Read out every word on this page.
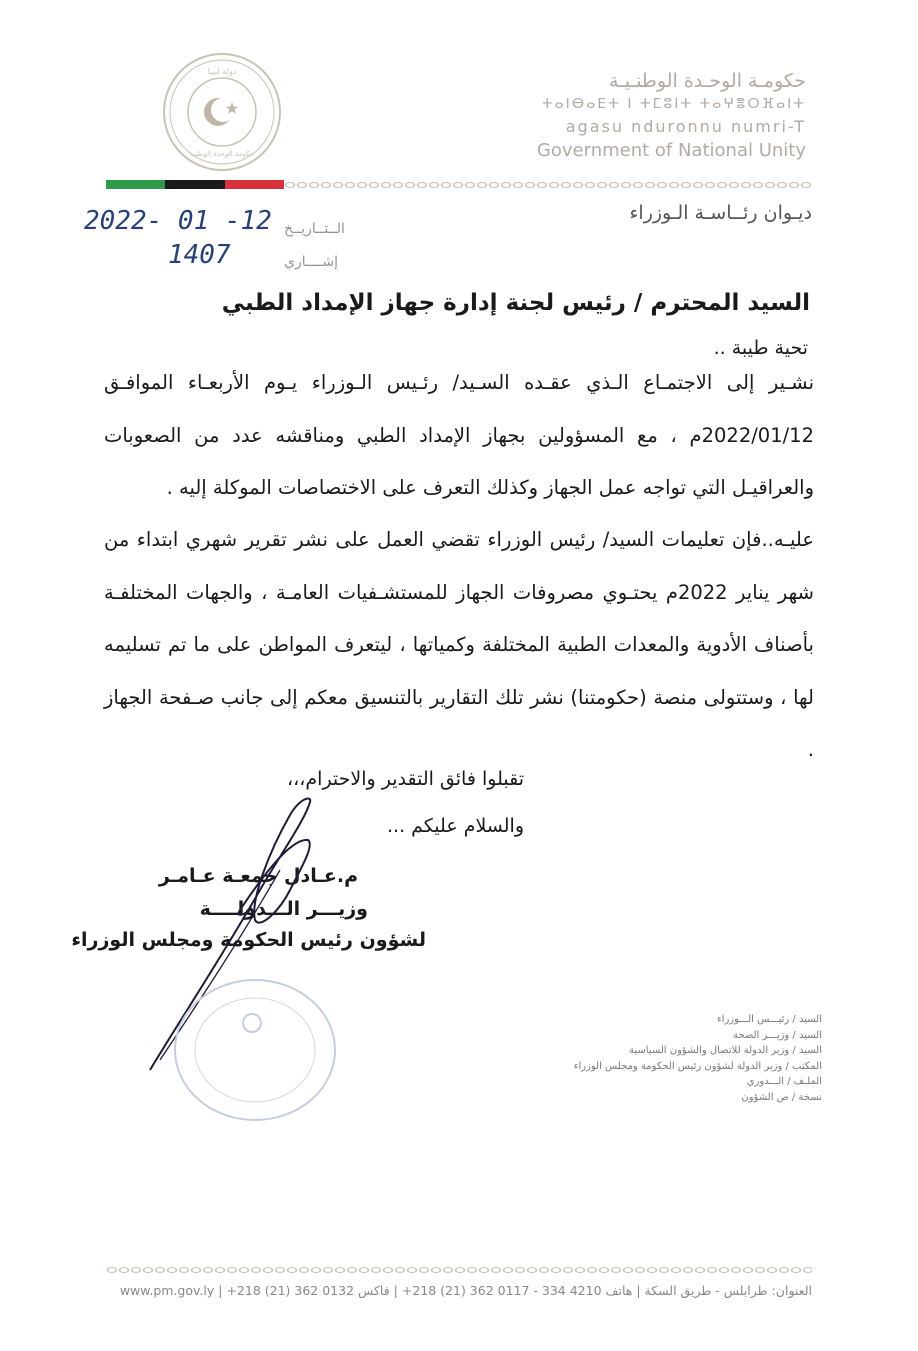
دولة ليبيا
حكومة الوحدة الوطنية
حكومـة الوحـدة الوطنـيـة
ⵜⴰⵏⴱⴰⴹⵜ ⵏ ⵜⵎⵓⵏⵜ ⵜⴰⵖⴻⵔⴼⴰⵏⵜ
agasu nduronnu numri-T
Government of National Unity
ديـوان رئــاسـة الـوزراء
الــتــاريــخ
2022- 01 -12
إشــــاري
1407
السيد المحترم / رئيس لجنة إدارة جهاز الإمداد الطبي
تحية طيبة ..
نشـير إلى الاجتمـاع الـذي عقـده السـيد/ رئـيس الـوزراء يـوم الأربعـاء الموافـق 2022/01/12م ، مع المسؤولين بجهاز الإمداد الطبي ومناقشه عدد من الصعوبات والعراقيـل التي تواجه عمل الجهاز وكذلك التعرف على الاختصاصات الموكلة إليه .
عليـه..فإن تعليمات السيد/ رئيس الوزراء تقضي العمل على نشر تقرير شهري ابتداء من شهر يناير 2022م يحتـوي مصروفات الجهاز للمستشـفيات العامـة ، والجهات المختلفـة بأصناف الأدوية والمعدات الطبية المختلفة وكمياتها ، ليتعرف المواطن على ما تم تسليمه لها ، وستتولى منصة (حكومتنا) نشر تلك التقارير بالتنسيق معكم إلى جانب صـفحة الجهاز .
تقبلوا فائق التقدير والاحترام،،،
والسلام عليكم ...
م.عـادل جمعـة عـامـر
وزيـــر الـــدولــــة
لشؤون رئيس الحكومة ومجلس الوزراء
السيد / رئيـــس الـــوزراء
السيد / وزيـــر الصحة
السيد / وزير الدولة للاتصال والشؤون السياسية
المكتب / وزير الدولة لشؤون رئيس الحكومة ومجلس الوزراء
الملـف / الـــدوري
نسخة / ص الشؤون
العنوان: طرابلس - طريق السكة | هاتف +218 (21) 362 0117 - 334 4210 | فاكس +218 (21) 362 0132 | www.pm.gov.ly
